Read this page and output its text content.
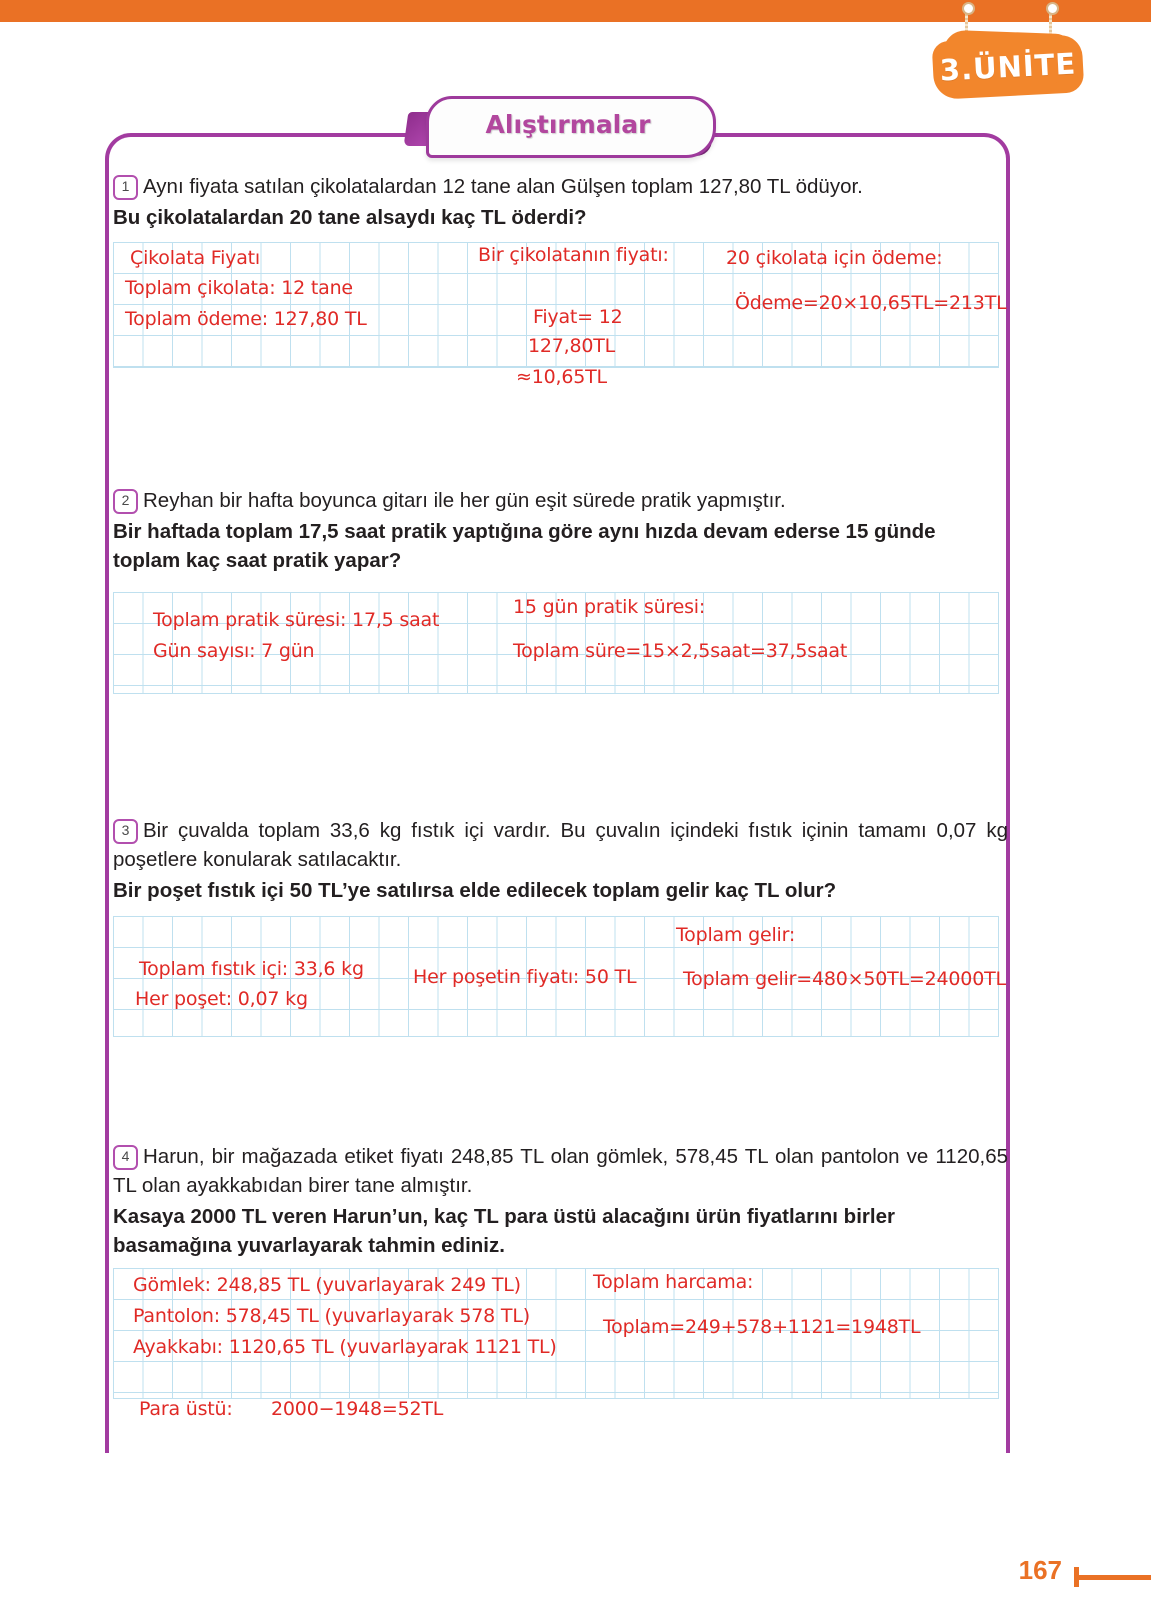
3.ÜNİTE
Alıştırmalar
1 Aynı fiyata satılan çikolatalardan 12 tane alan Gülşen toplam 127,80 TL ödüyor.
Bu çikolatalardan 20 tane alsaydı kaç TL öderdi?
Çikolata Fiyatı
Toplam çikolata: 12 tane
Toplam ödeme: 127,80 TL
Bir çikolatanın fiyatı:
Fiyat= 12
127,80TL
≈10,65TL
20 çikolata için ödeme:
Ödeme=20×10,65TL=213TL
2 Reyhan bir hafta boyunca gitarı ile her gün eşit sürede pratik yapmıştır.
Bir haftada toplam 17,5 saat pratik yaptığına göre aynı hızda devam ederse 15 günde toplam kaç saat pratik yapar?
Toplam pratik süresi: 17,5 saat
Gün sayısı: 7 gün
15 gün pratik süresi:
Toplam süre=15×2,5saat=37,5saat
3 Bir çuvalda toplam 33,6 kg fıstık içi vardır. Bu çuvalın içindeki fıstık içinin tamamı 0,07 kg poşetlere konularak satılacaktır.
Bir poşet fıstık içi 50 TL’ye satılırsa elde edilecek toplam gelir kaç TL olur?
Toplam fıstık içi: 33,6 kg
Her poşet: 0,07 kg
Her poşetin fiyatı: 50 TL
Toplam gelir:
Toplam gelir=480×50TL=24000TL
4 Harun, bir mağazada etiket fiyatı 248,85 TL olan gömlek, 578,45 TL olan pantolon ve 1120,65 TL olan ayakkabıdan birer tane almıştır.
Kasaya 2000 TL veren Harun’un, kaç TL para üstü alacağını ürün fiyatlarını birler basamağına yuvarlayarak tahmin ediniz.
Gömlek: 248,85 TL (yuvarlayarak 249 TL)
Pantolon: 578,45 TL (yuvarlayarak 578 TL)
Ayakkabı: 1120,65 TL (yuvarlayarak 1121 TL)
Toplam harcama:
Toplam=249+578+1121=1948TL
Para üstü: 2000−1948=52TL
167
